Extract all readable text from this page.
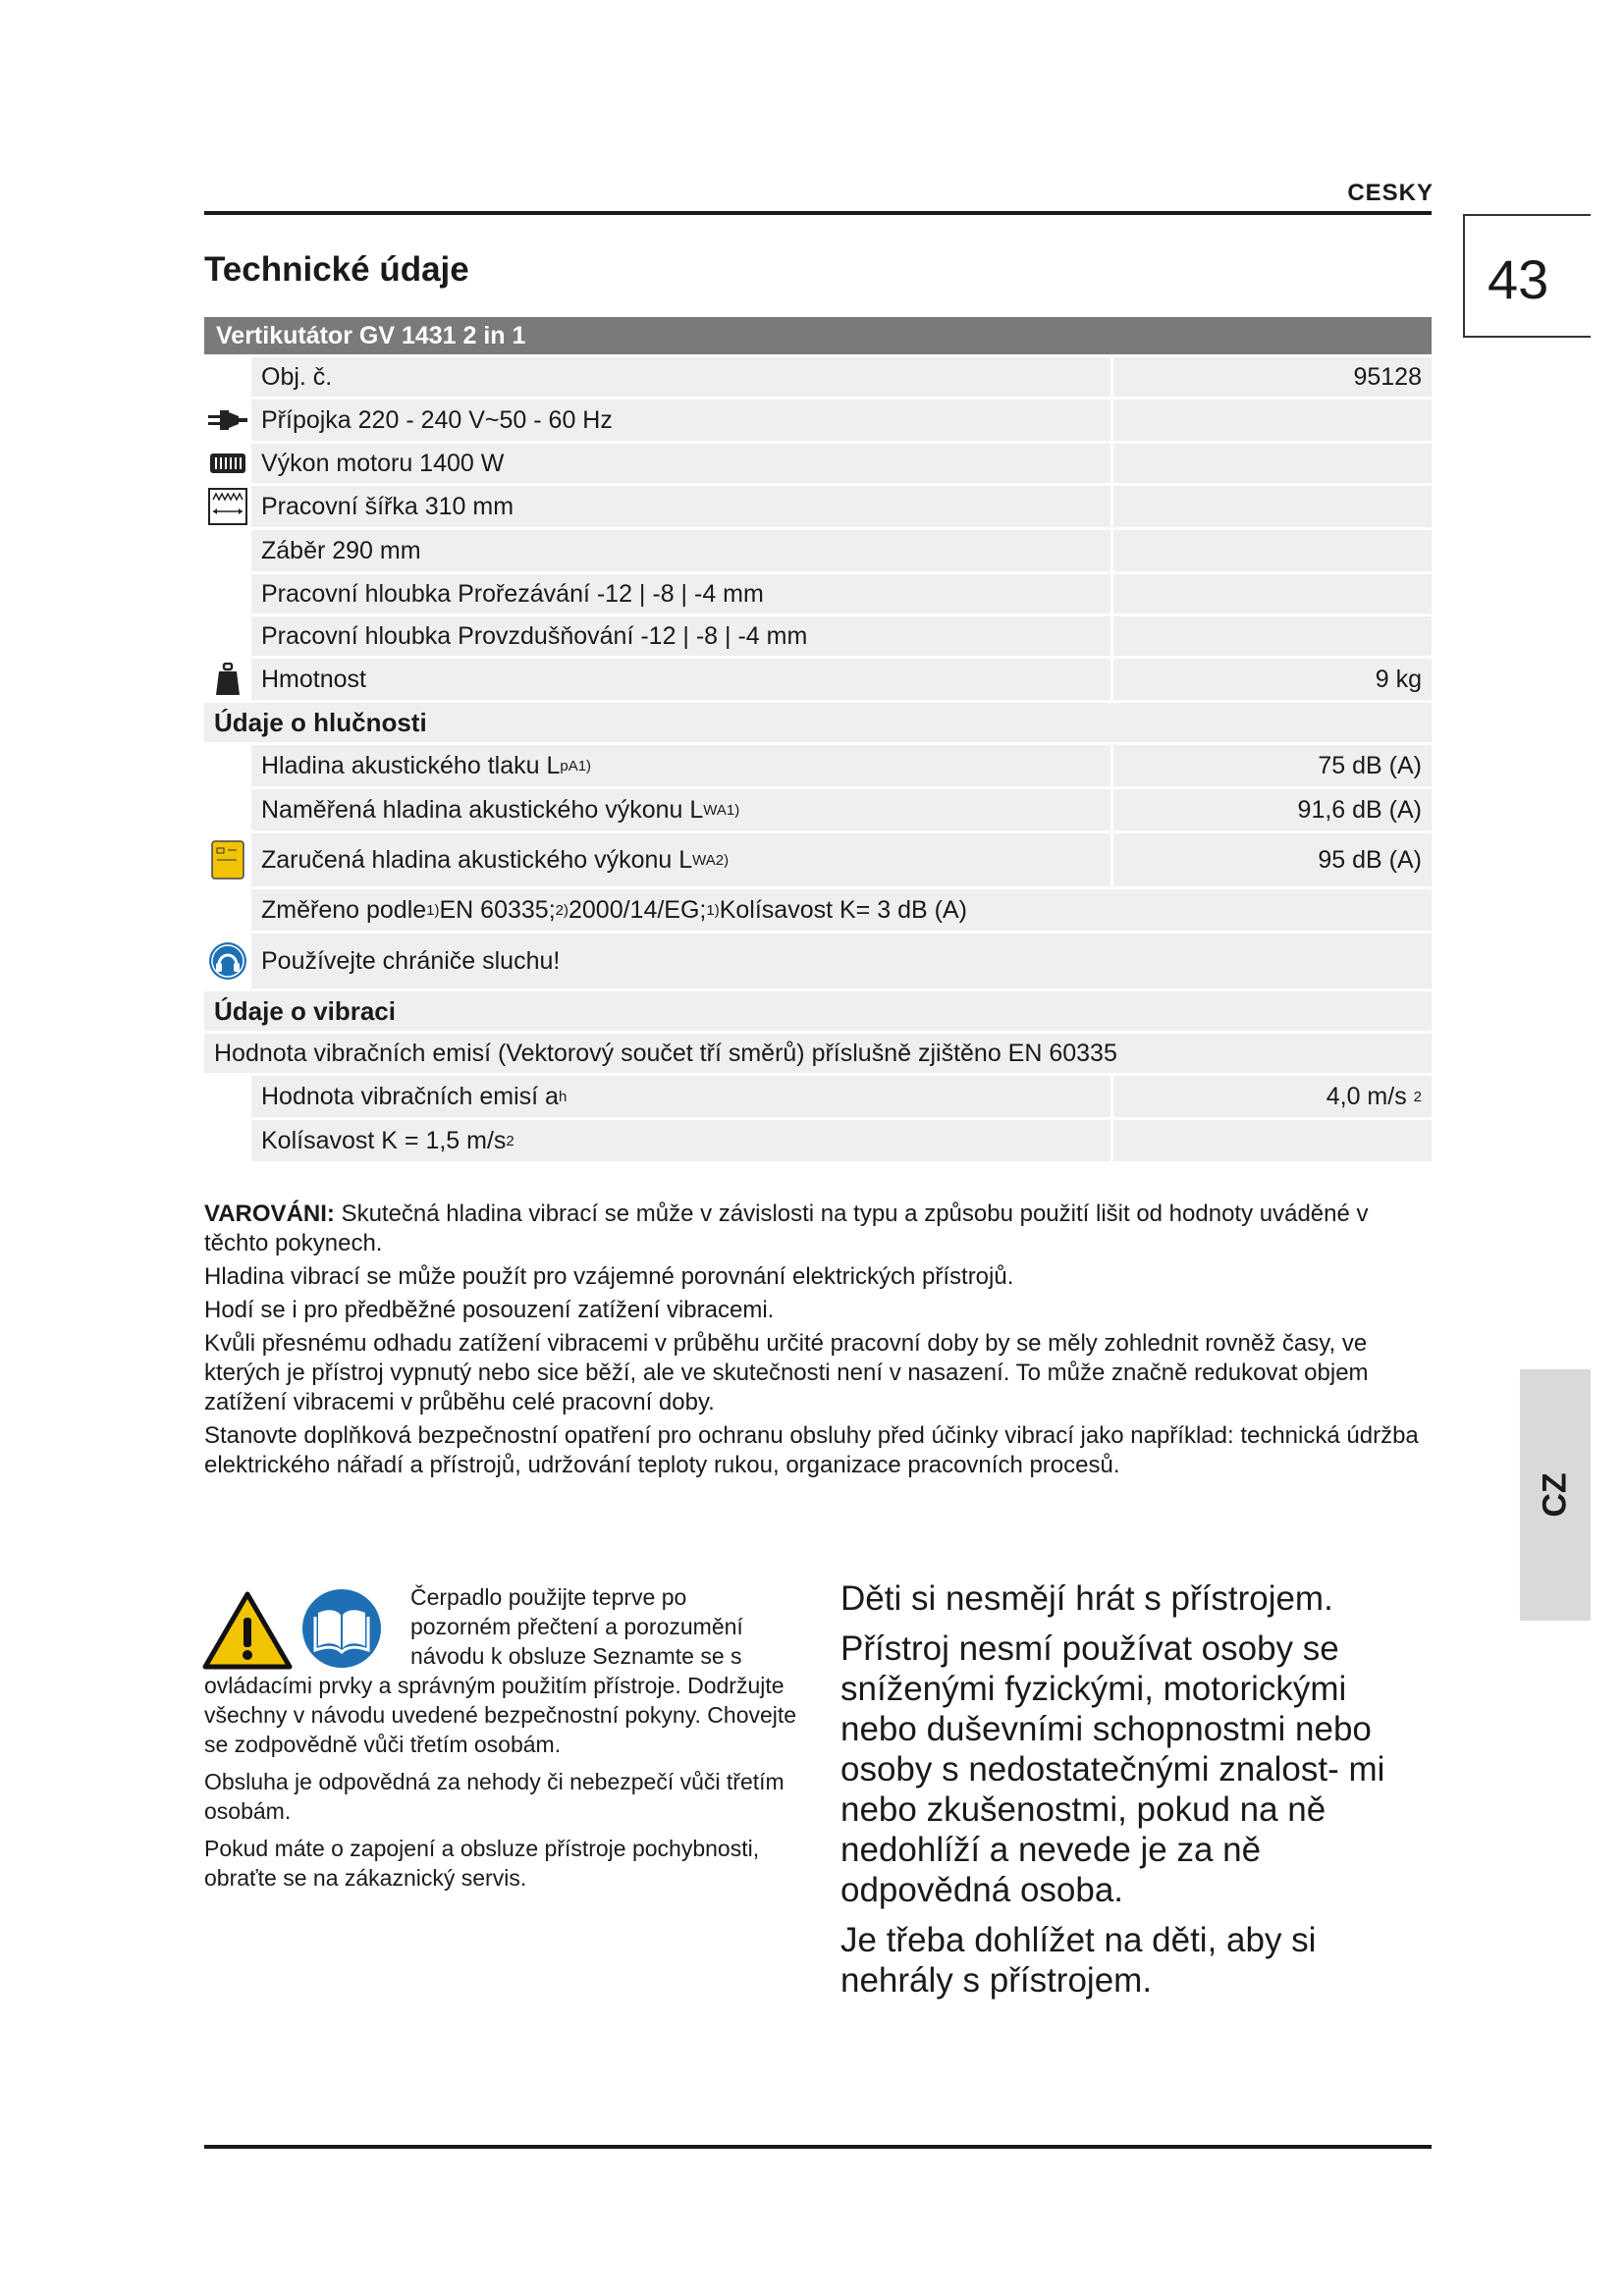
CESKY
43
Technické údaje
CZ
Vertikutátor GV 1431 2 in 1
Obj. č.	95128
Přípojka 220 - 240 V~50 - 60 Hz
Výkon motoru 1400 W
Pracovní šířka 310 mm
Záběr 290 mm
Pracovní hloubka Prořezávání -12 | -8 | -4 mm
Pracovní hloubka Provzdušňování -12 | -8 | -4 mm
Hmotnost	9 kg
Údaje o hlučnosti
Hladina akustického tlaku L pA 1)	75 dB (A)
Naměřená hladina akustického výkonu L WA 1)	91,6 dB (A)
Zaručená hladina akustického výkonu L WA 2)	95 dB (A)
Změřeno podle 1) EN 60335; 2) 2000/14/EG; 1) Kolísavost K= 3 dB (A)
Používejte chrániče sluchu!
Údaje o vibraci
Hodnota vibračních emisí (Vektorový součet tří směrů) příslušně zjištěno EN 60335
Hodnota vibračních emisí a h	4,0 m/s
2
Kolísavost K = 1,5 m/s 2

VAROVÁNI: Skutečná hladina vibrací se může v závislosti na typu a způsobu použití lišit od hodnoty uváděné v těchto pokynech.

Hladina vibrací se může použít pro vzájemné porovnání elektrických přístrojů.

Hodí se i pro předběžné posouzení zatížení vibracemi.

Kvůli přesnému odhadu zatížení vibracemi v průběhu určité pracovní doby by se měly zohlednit rovněž časy, ve kterých je přístroj vypnutý nebo sice běží, ale ve skutečnosti není v nasazení. To může značně redukovat objem zatížení vibracemi v průběhu celé pracovní doby.

Stanovte doplňková bezpečnostní opatření pro ochranu obsluhy před účinky vibrací jako například: technická údržba elektrického nářadí a přístrojů, udržování teploty rukou, organizace pracovních procesů.

Čerpadlo použijte teprve po
pozorném přečtení a porozumění
návodu k obsluze Seznamte se s

ovládacími prvky a správným použitím přístroje. Dodržujte všechny v návodu uvedené bezpečnostní pokyny. Chovejte se zodpovědně vůči třetím osobám.

Obsluha je odpovědná za nehody či nebezpečí vůči třetím osobám.

Pokud máte o zapojení a obsluze přístroje pochybnosti, obraťte se na zákaznický servis.

Děti si nesmějí hrát s přístrojem.

Přístroj nesmí používat osoby se sníženými fyzickými, motorickými nebo duševními schopnostmi nebo osoby s nedostatečnými znalost- mi nebo zkušenostmi, pokud na ně nedohlíží a nevede je za ně odpovědná osoba.

Je třeba dohlížet na děti, aby si nehrály s přístrojem.
